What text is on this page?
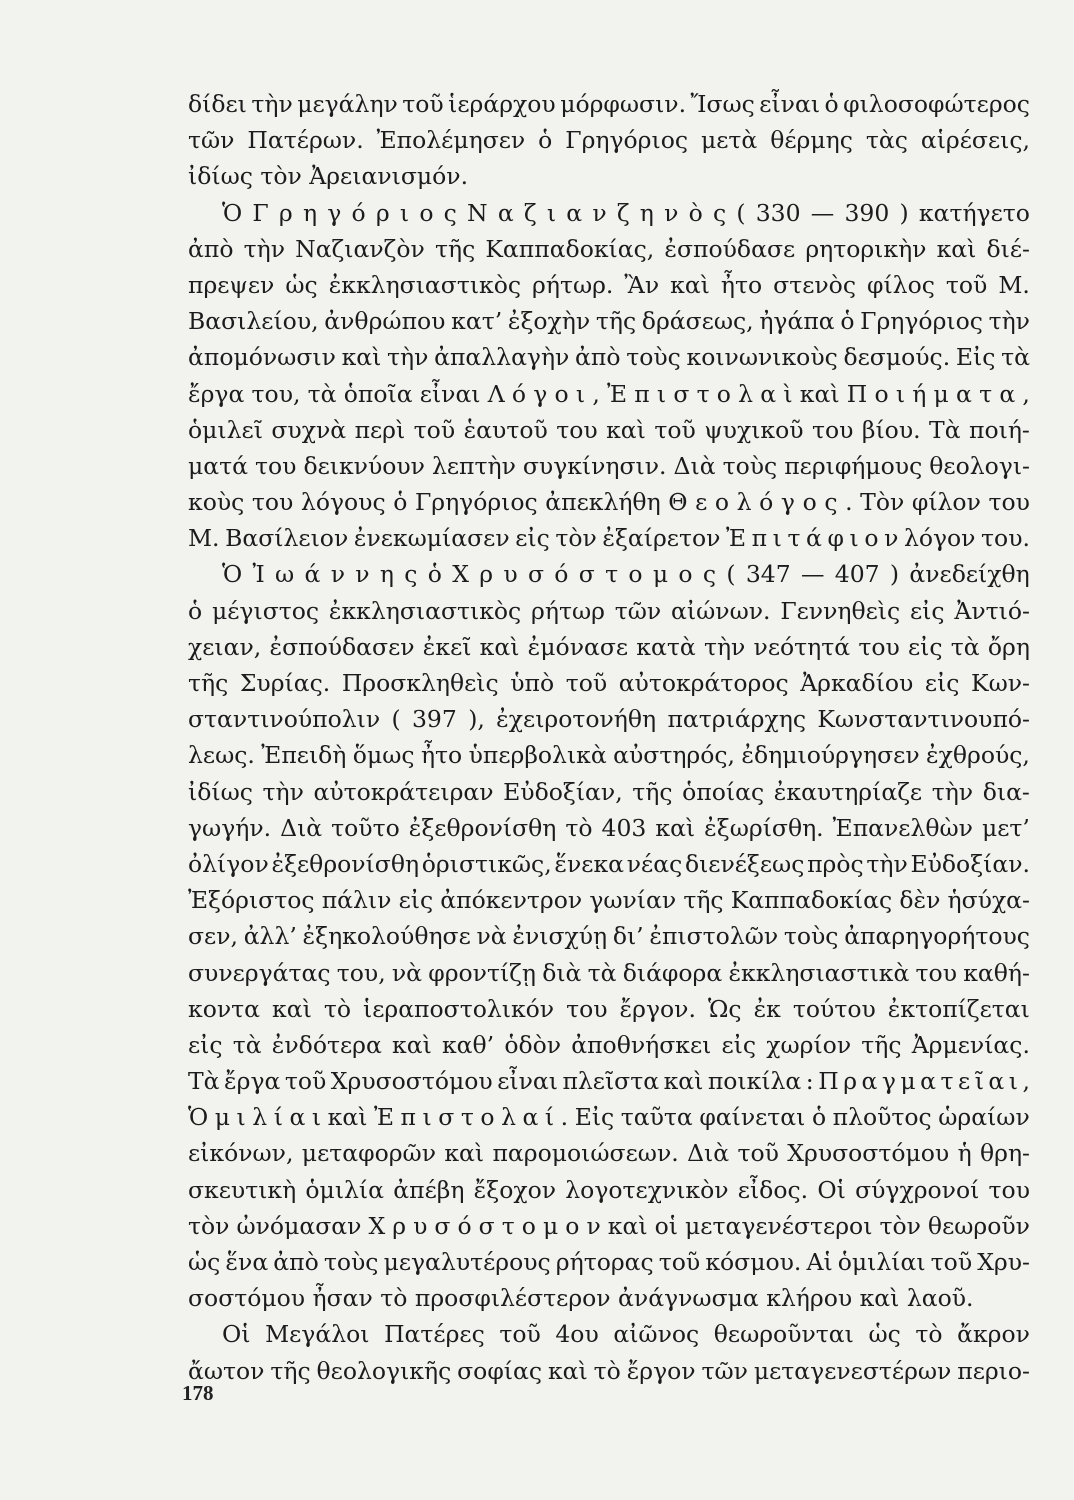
δίδει τὴν μεγάλην τοῦ ἱεράρχου μόρφωσιν. Ἴσως εἶναι ὁ φιλοσοφώτερος
τῶν Πατέρων. Ἐπολέμησεν ὁ Γρηγόριος μετὰ θέρμης τὰς αἱρέσεις,
ἰδίως τὸν Ἀρειανισμόν.
Ὁ Γ ρ η γ ό ρ ι ο ς Ν α ζ ι α ν ζ η ν ὸ ς ( 330 — 390 ) κατήγετο
ἀπὸ τὴν Ναζιανζὸν τῆς Καππαδοκίας, ἐσπούδασε ρητορικὴν καὶ διέ-
πρεψεν ὡς ἐκκλησιαστικὸς ρήτωρ. Ἂν καὶ ἦτο στενὸς φίλος τοῦ Μ.
Βασιλείου, ἀνθρώπου κατ’ ἐξοχὴν τῆς δράσεως, ἠγάπα ὁ Γρηγόριος τὴν
ἀπομόνωσιν καὶ τὴν ἀπαλλαγὴν ἀπὸ τοὺς κοινωνικοὺς δεσμούς. Εἰς τὰ
ἔργα του, τὰ ὁποῖα εἶναι Λ ό γ ο ι , Ἐ π ι σ τ ο λ α ὶ καὶ Π ο ι ή μ α τ α ,
ὁμιλεῖ συχνὰ περὶ τοῦ ἑαυτοῦ του καὶ τοῦ ψυχικοῦ του βίου. Τὰ ποιή-
ματά του δεικνύουν λεπτὴν συγκίνησιν. Διὰ τοὺς περιφήμους θεολογι-
κοὺς του λόγους ὁ Γρηγόριος ἀπεκλήθη Θ ε ο λ ό γ ο ς . Τὸν φίλον του
Μ. Βασίλειον ἐνεκωμίασεν εἰς τὸν ἐξαίρετον Ἐ π ι τ ά φ ι ο ν λόγον του.
Ὁ Ἰ ω ά ν ν η ς ὁ Χ ρ υ σ ό σ τ ο μ ο ς ( 347 — 407 ) ἀνεδείχθη
ὁ μέγιστος ἐκκλησιαστικὸς ρήτωρ τῶν αἰώνων. Γεννηθεὶς εἰς Ἀντιό-
χειαν, ἐσπούδασεν ἐκεῖ καὶ ἐμόνασε κατὰ τὴν νεότητά του εἰς τὰ ὄρη
τῆς Συρίας. Προσκληθεὶς ὑπὸ τοῦ αὐτοκράτορος Ἀρκαδίου εἰς Κων-
σταντινούπολιν ( 397 ), ἐχειροτονήθη πατριάρχης Κωνσταντινουπό-
λεως. Ἐπειδὴ ὅμως ἦτο ὑπερβολικὰ αὐστηρός, ἐδημιούργησεν ἐχθρούς,
ἰδίως τὴν αὐτοκράτειραν Εὐδοξίαν, τῆς ὁποίας ἐκαυτηρίαζε τὴν δια-
γωγήν. Διὰ τοῦτο ἐξεθρονίσθη τὸ 403 καὶ ἐξωρίσθη. Ἐπανελθὼν μετ’
ὀλίγον ἐξεθρονίσθη ὁριστικῶς, ἕνεκα νέας διενέξεως πρὸς τὴν Εὐδοξίαν.
Ἐξόριστος πάλιν εἰς ἀπόκεντρον γωνίαν τῆς Καππαδοκίας δὲν ἡσύχα-
σεν, ἀλλ’ ἐξηκολούθησε νὰ ἐνισχύῃ δι’ ἐπιστολῶν τοὺς ἀπαρηγορήτους
συνεργάτας του, νὰ φροντίζῃ διὰ τὰ διάφορα ἐκκλησιαστικὰ του καθή-
κοντα καὶ τὸ ἱεραποστολικόν του ἔργον. Ὡς ἐκ τούτου ἐκτοπίζεται
εἰς τὰ ἐνδότερα καὶ καθ’ ὁδὸν ἀποθνήσκει εἰς χωρίον τῆς Ἀρμενίας.
Τὰ ἔργα τοῦ Χρυσοστόμου εἶναι πλεῖστα καὶ ποικίλα : Π ρ α γ μ α τ ε ῖ α ι ,
Ὁ μ ι λ ί α ι καὶ Ἐ π ι σ τ ο λ α ί . Εἰς ταῦτα φαίνεται ὁ πλοῦτος ὡραίων
εἰκόνων, μεταφορῶν καὶ παρομοιώσεων. Διὰ τοῦ Χρυσοστόμου ἡ θρη-
σκευτικὴ ὁμιλία ἀπέβη ἔξοχον λογοτεχνικὸν εἶδος. Οἱ σύγχρονοί του
τὸν ὠνόμασαν Χ ρ υ σ ό σ τ ο μ ο ν καὶ οἱ μεταγενέστεροι τὸν θεωροῦν
ὡς ἕνα ἀπὸ τοὺς μεγαλυτέρους ρήτορας τοῦ κόσμου. Αἱ ὁμιλίαι τοῦ Χρυ-
σοστόμου ἦσαν τὸ προσφιλέστερον ἀνάγνωσμα κλήρου καὶ λαοῦ.
Οἱ Μεγάλοι Πατέρες τοῦ 4ου αἰῶνος θεωροῦνται ὡς τὸ ἄκρον
ἄωτον τῆς θεολογικῆς σοφίας καὶ τὸ ἔργον τῶν μεταγενεστέρων περιο-
178
